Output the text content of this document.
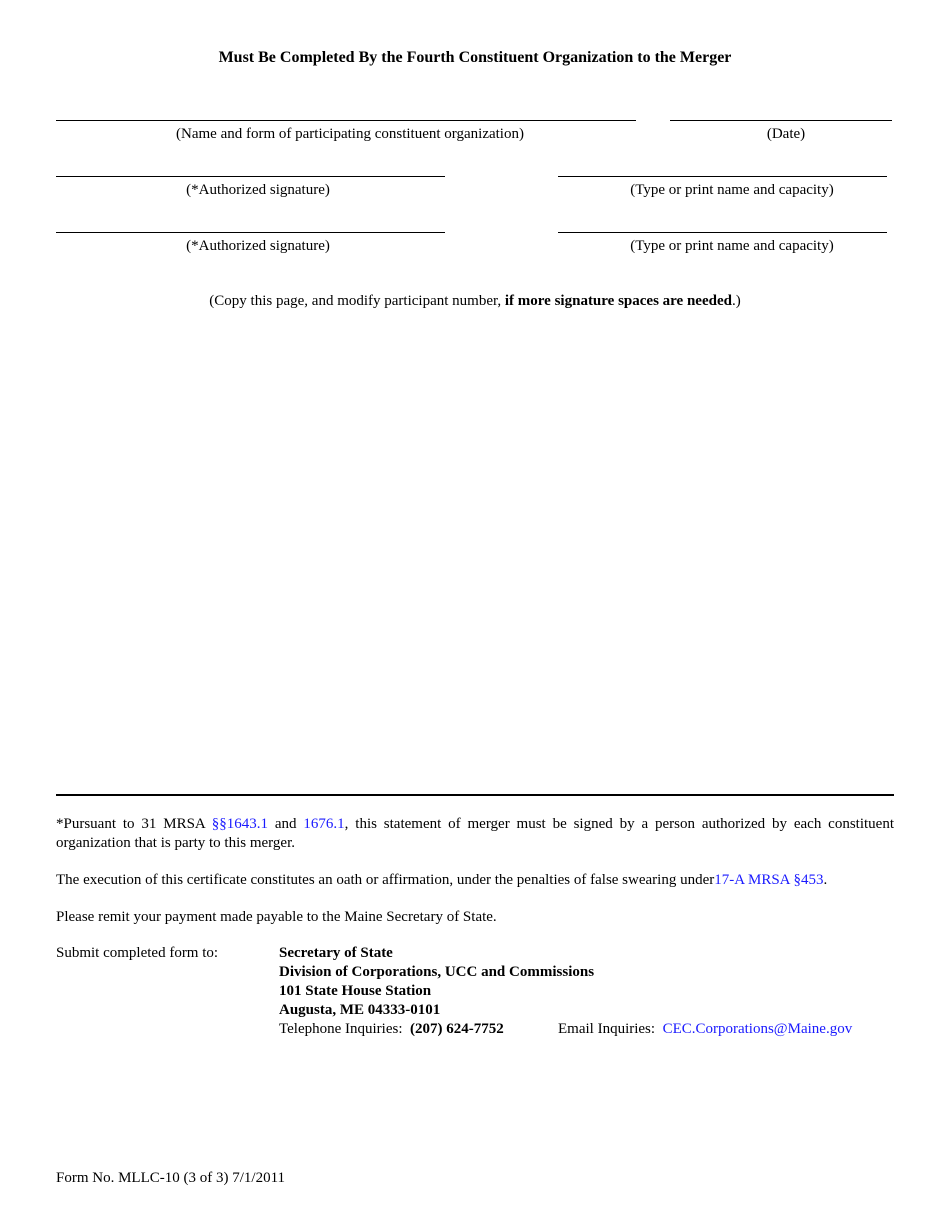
Must Be Completed By the Fourth Constituent Organization to the Merger
(Name and form of participating constituent organization)	(Date)
(*Authorized signature)	(Type or print name and capacity)
(*Authorized signature)	(Type or print name and capacity)
(Copy this page, and modify participant number, if more signature spaces are needed.)
*Pursuant to 31 MRSA §§1643.1 and 1676.1, this statement of merger must be signed by a person authorized by each constituent organization that is party to this merger.
The execution of this certificate constitutes an oath or affirmation, under the penalties of false swearing under17-A MRSA §453.
Please remit your payment made payable to the Maine Secretary of State.
Submit completed form to:	Secretary of State
Division of Corporations, UCC and Commissions
101 State House Station
Augusta, ME 04333-0101
Telephone Inquiries: (207) 624-7752	Email Inquiries: CEC.Corporations@Maine.gov
Form No. MLLC-10 (3 of 3) 7/1/2011
